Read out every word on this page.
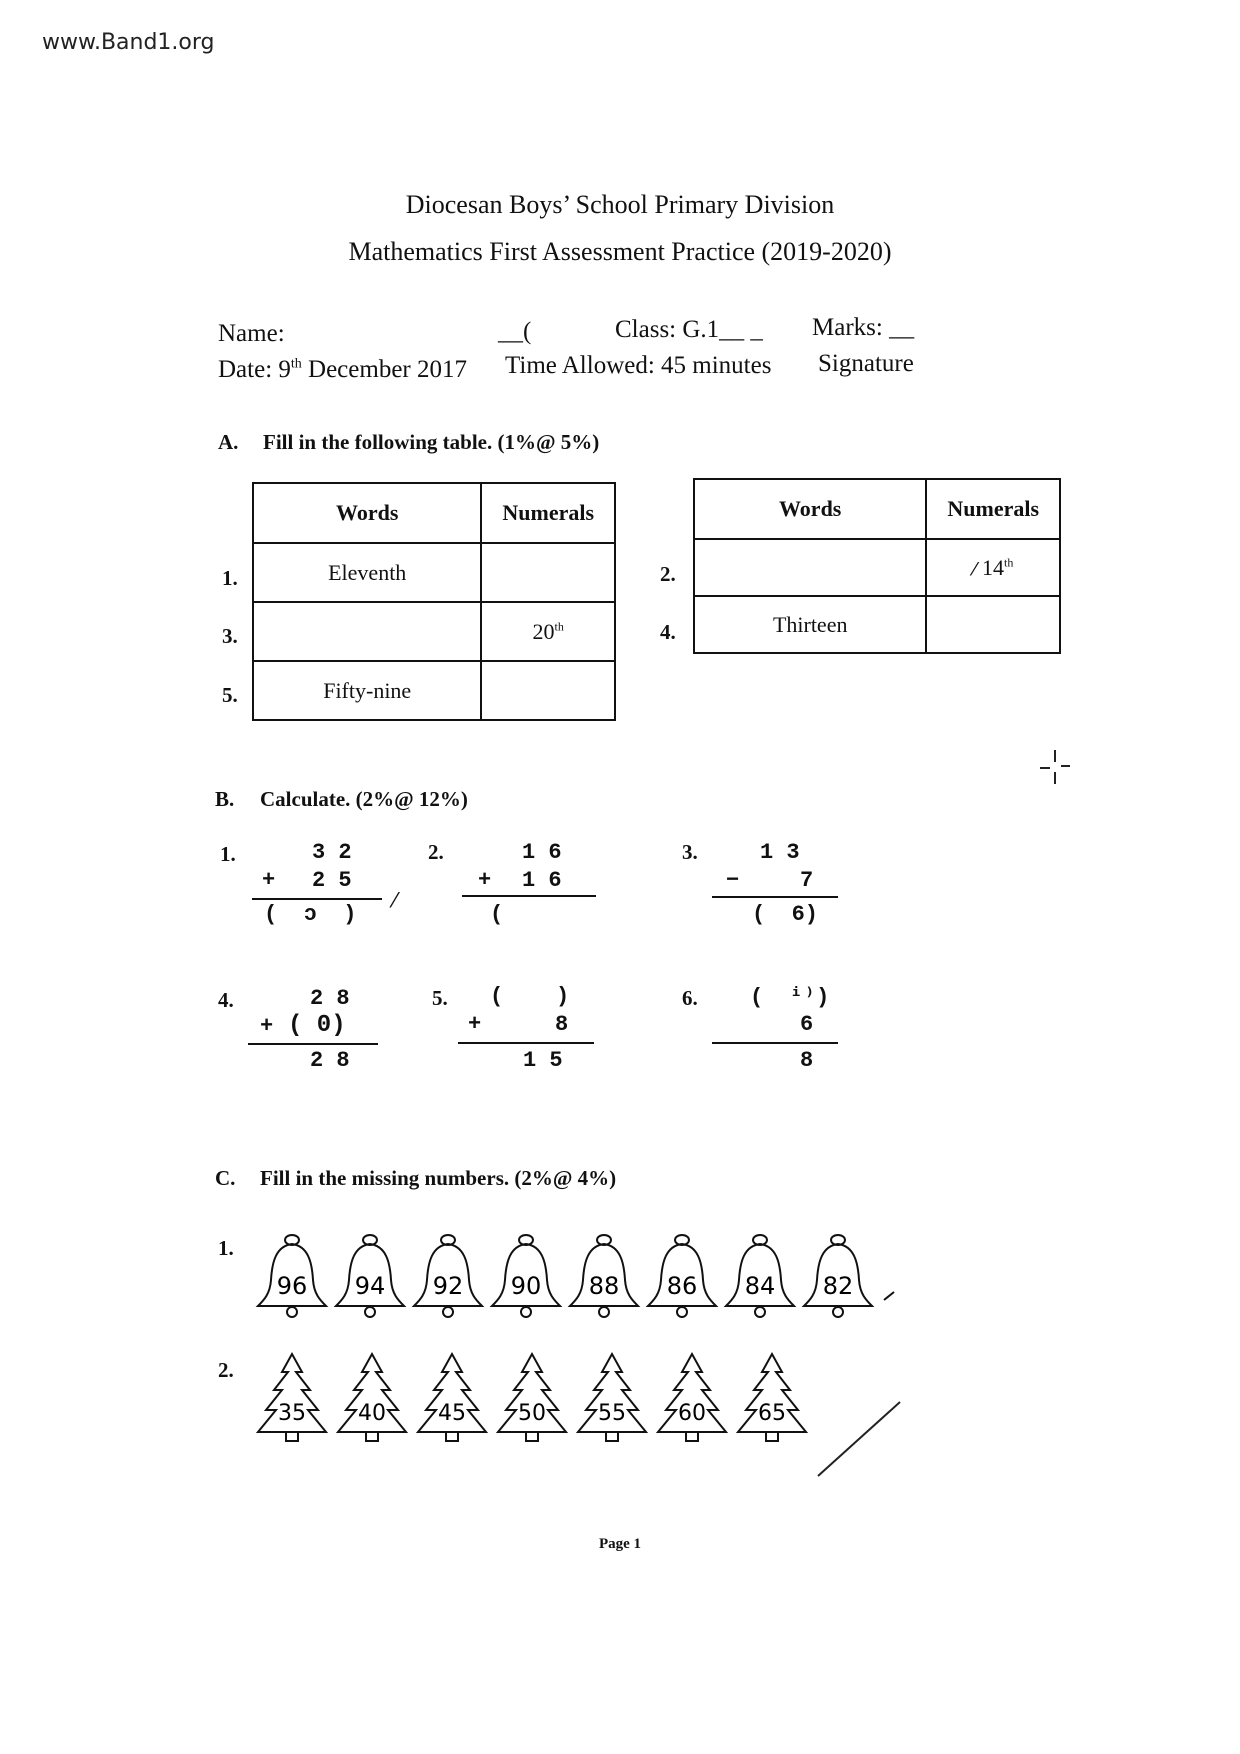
www.Band1.org
Diocesan Boys’ School Primary Division
Mathematics First Assessment Practice (2019-2020)
Name:	__(	Class: G.1__ _ Marks: __
Date: 9th December 2017 Time Allowed: 45 minutes Signature
A. Fill in the following table. (1%@ 5%)
1.
3.
5.
Words	Numerals
Eleventh	
	20th
Fifty-nine	
2.
4.
Words	Numerals
	⁄ 14th
Thirteen	
B. Calculate. (2%@ 12%)
1.	3 2
+ 2 5
(  ɔ  )
⁄
2.	1 6
+ 1 6
(
3.	1 3
−	7
(  6)
4.	2 8
+ ( 0)
2 8
5. (    )
+	8
1 5
6. (  ⁱ⁾)
6
8
C. Fill in the missing numbers. (2%@ 4%)
1.
96 94 92 90 88 86 84 82
2.
35 40 45 50 55 60 65
Page 1
